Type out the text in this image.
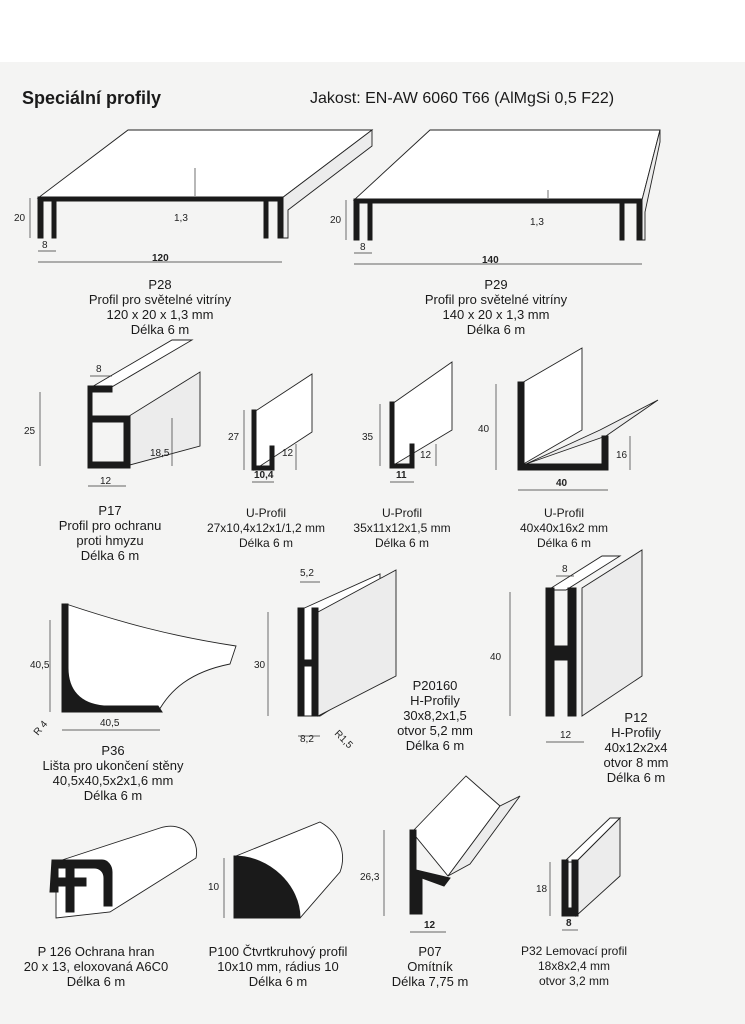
Speciální profily	Jakost: EN-AW 6060 T66 (AlMgSi 0,5 F22)
20
8
120
1,3	20
8
140
1,3
25
8
18,5
12
27
10,4
12
35
11
12
40
40
16
40,5
40,5
R 4
30
5,2
8,2 R1,5
40
8
12
10
26,3
12
18
8
P28
Profil pro světelné vitríny
120 x 20 x 1,3 mm
Délka 6 m
P29
Profil pro světelné vitríny
140 x 20 x 1,3 mm
Délka 6 m
P17
Profil pro ochranu
proti hmyzu
Délka 6 m
U-Profil
27x10,4x12x1/1,2 mm
Délka 6 m
U-Profil
35x11x12x1,5 mm
Délka 6 m
U-Profil
40x40x16x2 mm
Délka 6 m
P36
Lišta pro ukončení stěny
40,5x40,5x2x1,6 mm
Délka 6 m
P20160
H-Profily
30x8,2x1,5
otvor 5,2 mm
Délka 6 m
P12
H-Profily
40x12x2x4
otvor 8 mm
Délka 6 m
P 126 Ochrana hran
20 x 13, eloxovaná A6C0
Délka 6 m
P100 Čtvrtkruhový profil
10x10 mm, rádius 10
Délka 6 m
P07
Omítník
Délka 7,75 m
P32 Lemovací profil
18x8x2,4 mm
otvor 3,2 mm
